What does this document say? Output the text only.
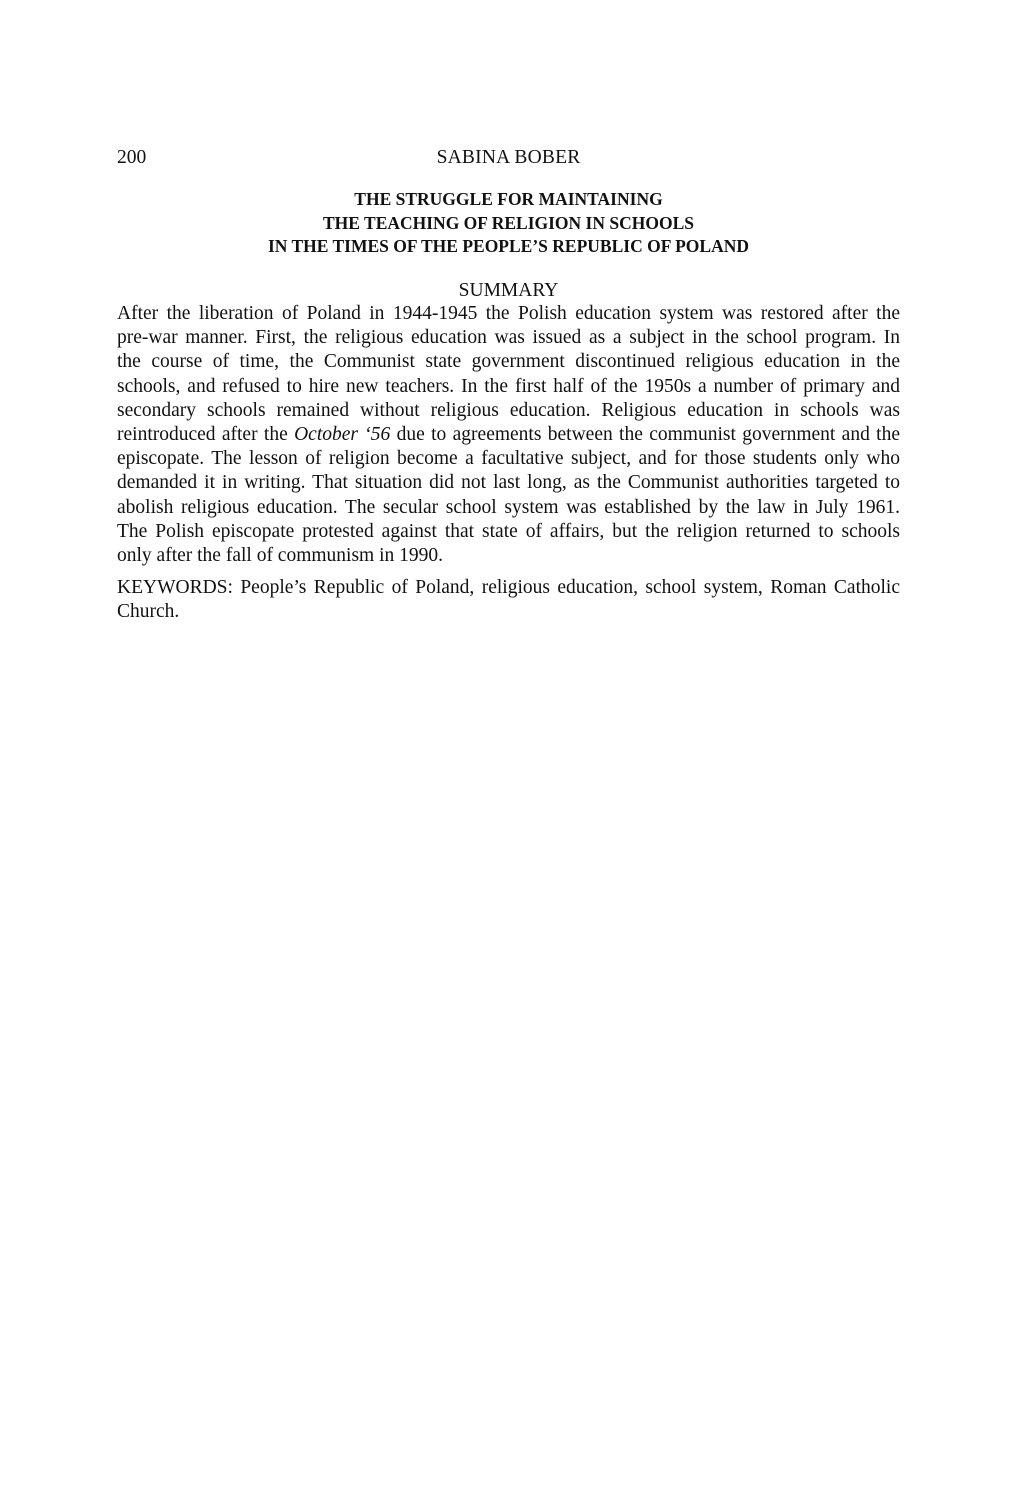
200	SABINA BOBER
THE STRUGGLE FOR MAINTAINING
THE TEACHING OF RELIGION IN SCHOOLS
IN THE TIMES OF THE PEOPLE’S REPUBLIC OF POLAND
SUMMARY
After the liberation of Poland in 1944-1945 the Polish education system was restored after the
pre-war manner. First, the religious education was issued as a subject in the school program. In
the course of time, the Communist state government discontinued religious education in the
schools, and refused to hire new teachers. In the first half of the 1950s a number of primary and
secondary schools remained without religious education. Religious education in schools was
reintroduced after the October ‘56 due to agreements between the communist government and the
episcopate. The lesson of religion become a facultative subject, and for those students only who
demanded it in writing. That situation did not last long, as the Communist authorities targeted to
abolish religious education. The secular school system was established by the law in July 1961.
The Polish episcopate protested against that state of affairs, but the religion returned to schools
only after the fall of communism in 1990.
KEYWORDS: People’s Republic of Poland, religious education, school system, Roman Catholic
Church.
